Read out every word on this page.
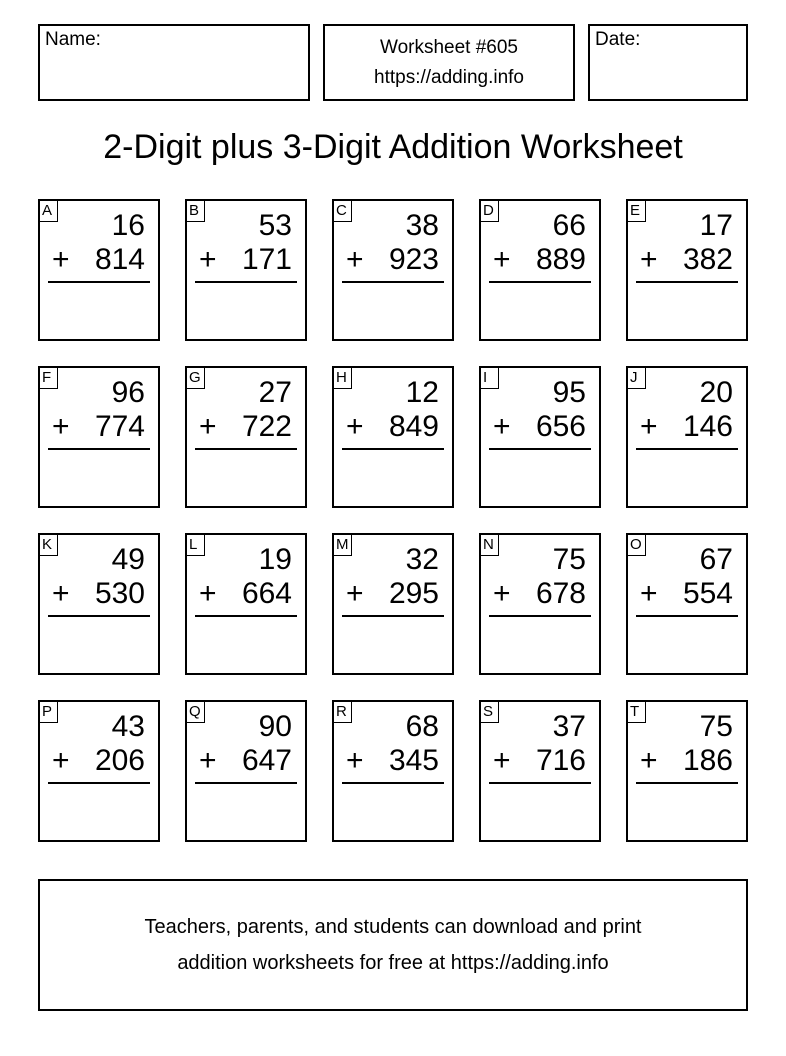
Name:	Worksheet #605
https://adding.info
Date:
2-Digit plus 3-Digit Addition Worksheet
A 16
+ 814
B 53
+ 171
C 38
+ 923
D 66
+ 889
E 17
+ 382
F 96
+ 774
G 27
+ 722
H 12
+ 849
I	95
+ 656
J 20
+ 146
K 49
+ 530
L 19
+ 664
M 32
+ 295
N 75
+ 678
O 67
+ 554
P 43
+ 206
Q 90
+ 647
R 68
+ 345
S 37
+ 716
T 75
+ 186
Teachers, parents, and students can download and print
addition worksheets for free at https://adding.info
